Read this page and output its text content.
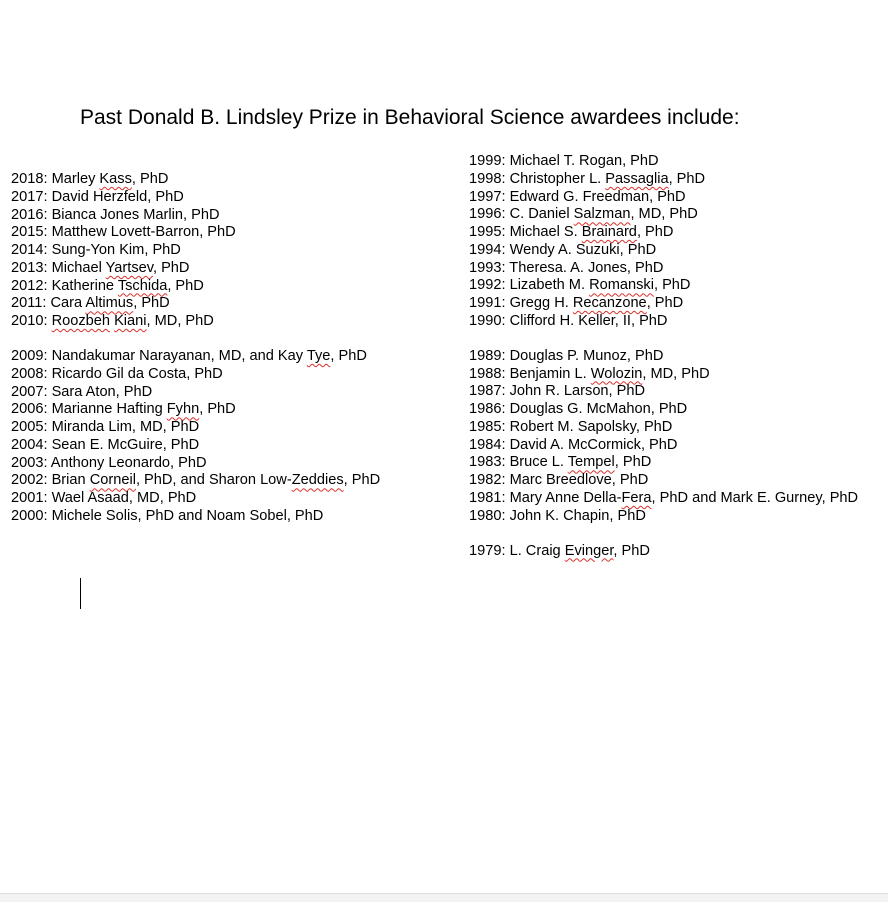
Past Donald B. Lindsley Prize in Behavioral Science awardees include:
2018: Marley Kass, PhD
2017: David Herzfeld, PhD
2016: Bianca Jones Marlin, PhD
2015: Matthew Lovett-Barron, PhD
2014: Sung-Yon Kim, PhD
2013: Michael Yartsev, PhD
2012: Katherine Tschida, PhD
2011: Cara Altimus, PhD
2010: Roozbeh Kiani, MD, PhD
2009: Nandakumar Narayanan, MD, and Kay Tye, PhD
2008: Ricardo Gil da Costa, PhD
2007: Sara Aton, PhD
2006: Marianne Hafting Fyhn, PhD
2005: Miranda Lim, MD, PhD
2004: Sean E. McGuire, PhD
2003: Anthony Leonardo, PhD
2002: Brian Corneil, PhD, and Sharon Low-Zeddies, PhD
2001: Wael Asaad, MD, PhD
2000: Michele Solis, PhD and Noam Sobel, PhD
1999: Michael T. Rogan, PhD
1998: Christopher L. Passaglia, PhD
1997: Edward G. Freedman, PhD
1996: C. Daniel Salzman, MD, PhD
1995: Michael S. Brainard, PhD
1994: Wendy A. Suzuki, PhD
1993: Theresa. A. Jones, PhD
1992: Lizabeth M. Romanski, PhD
1991: Gregg H. Recanzone, PhD
1990: Clifford H. Keller, II, PhD
1989: Douglas P. Munoz, PhD
1988: Benjamin L. Wolozin, MD, PhD
1987: John R. Larson, PhD
1986: Douglas G. McMahon, PhD
1985: Robert M. Sapolsky, PhD
1984: David A. McCormick, PhD
1983: Bruce L. Tempel, PhD
1982: Marc Breedlove, PhD
1981: Mary Anne Della-Fera, PhD and Mark E. Gurney, PhD
1980: John K. Chapin, PhD
1979: L. Craig Evinger, PhD
